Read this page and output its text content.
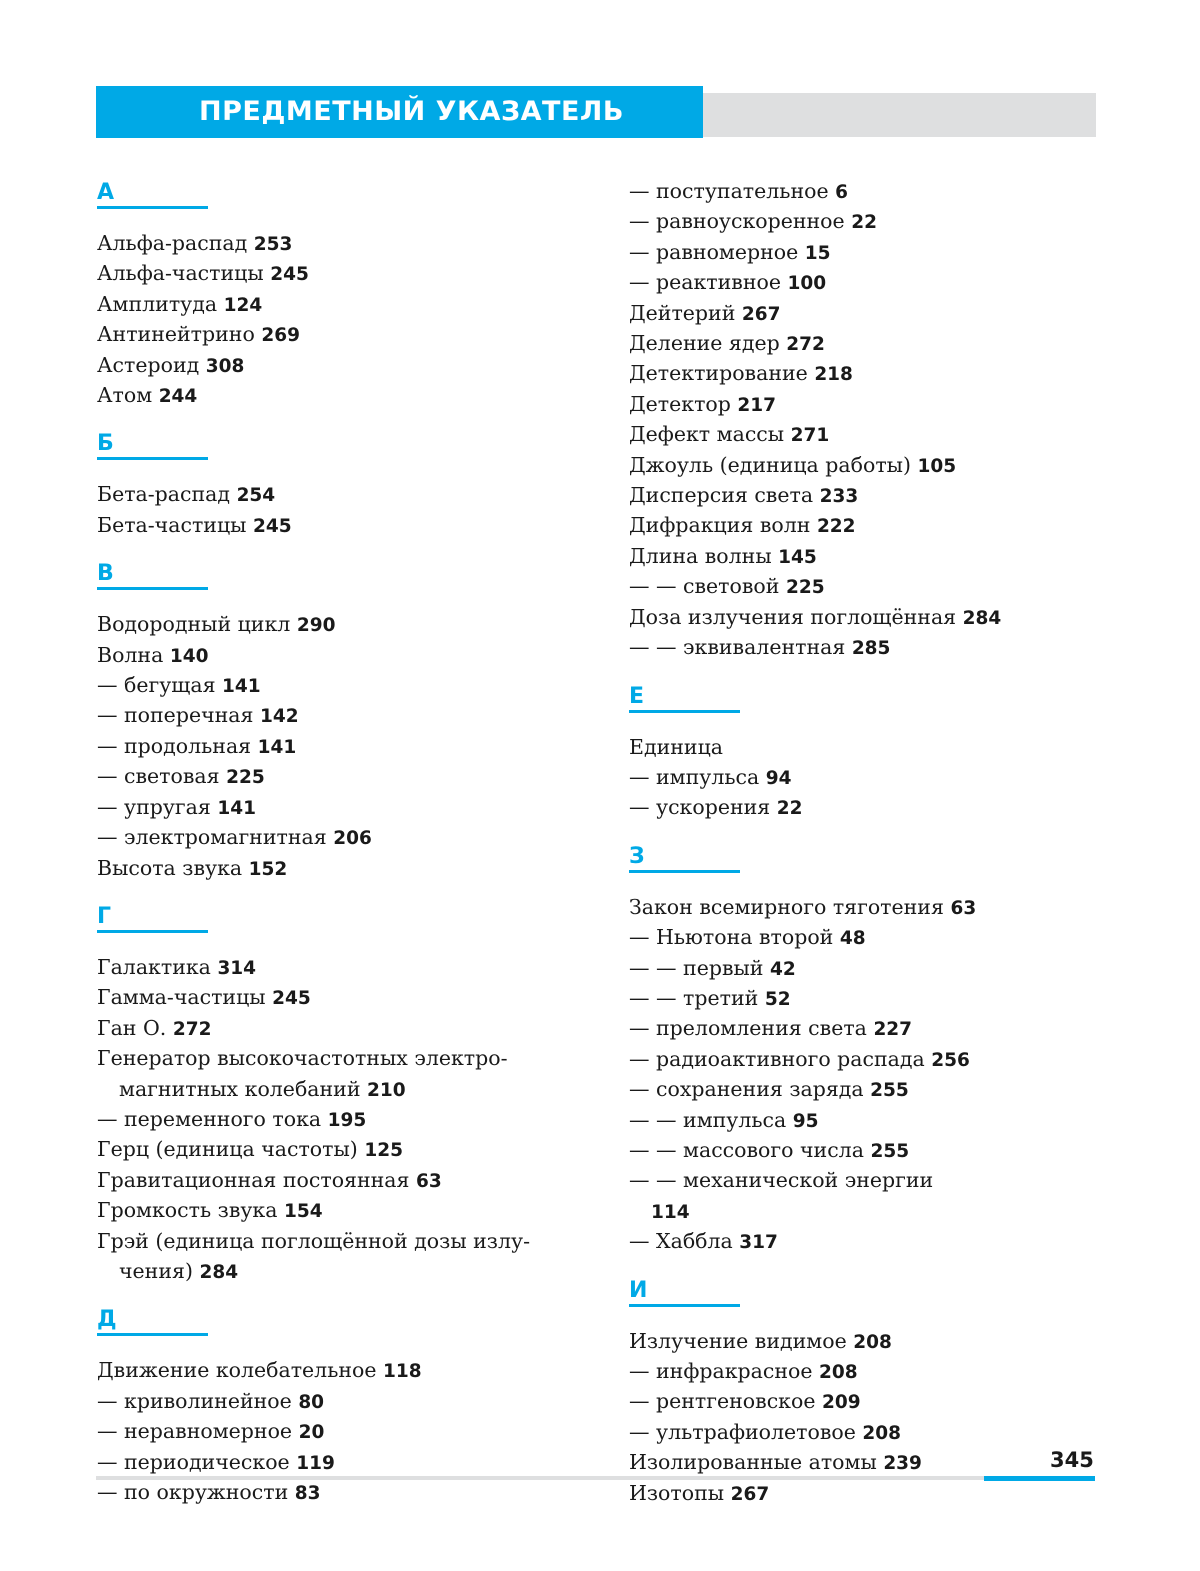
ПРЕДМЕТНЫЙ УКАЗАТЕЛЬ
А
Альфа-распад 253
Альфа-частицы 245
Амплитуда 124
Антинейтрино 269
Астероид 308
Атом 244
Б
Бета-распад 254
Бета-частицы 245
В
Водородный цикл 290
Волна 140
— бегущая 141
— поперечная 142
— продольная 141
— световая 225
— упругая 141
— электромагнитная 206
Высота звука 152
Г
Галактика 314
Гамма-частицы 245
Ган О. 272
Генератор высокочастотных электро-
магнитных колебаний 210
— переменного тока 195
Герц (единица частоты) 125
Гравитационная постоянная 63
Громкость звука 154
Грэй (единица поглощённой дозы излу-
чения) 284
Д
Движение колебательное 118
— криволинейное 80
— неравномерное 20
— периодическое 119
— по окружности 83
— поступательное 6
— равноускоренное 22
— равномерное 15
— реактивное 100
Дейтерий 267
Деление ядер 272
Детектирование 218
Детектор 217
Дефект массы 271
Джоуль (единица работы) 105
Дисперсия света 233
Дифракция волн 222
Длина волны 145
— — световой 225
Доза излучения поглощённая 284
— — эквивалентная 285
Е
Единица
— импульса 94
— ускорения 22
З
Закон всемирного тяготения 63
— Ньютона второй 48
— — первый 42
— — третий 52
— преломления света 227
— радиоактивного распада 256
— сохранения заряда 255
— — импульса 95
— — массового числа 255
— — механической энергии
114
— Хаббла 317
И
Излучение видимое 208
— инфракрасное 208
— рентгеновское 209
— ультрафиолетовое 208
Изолированные атомы 239
Изотопы 267
345
